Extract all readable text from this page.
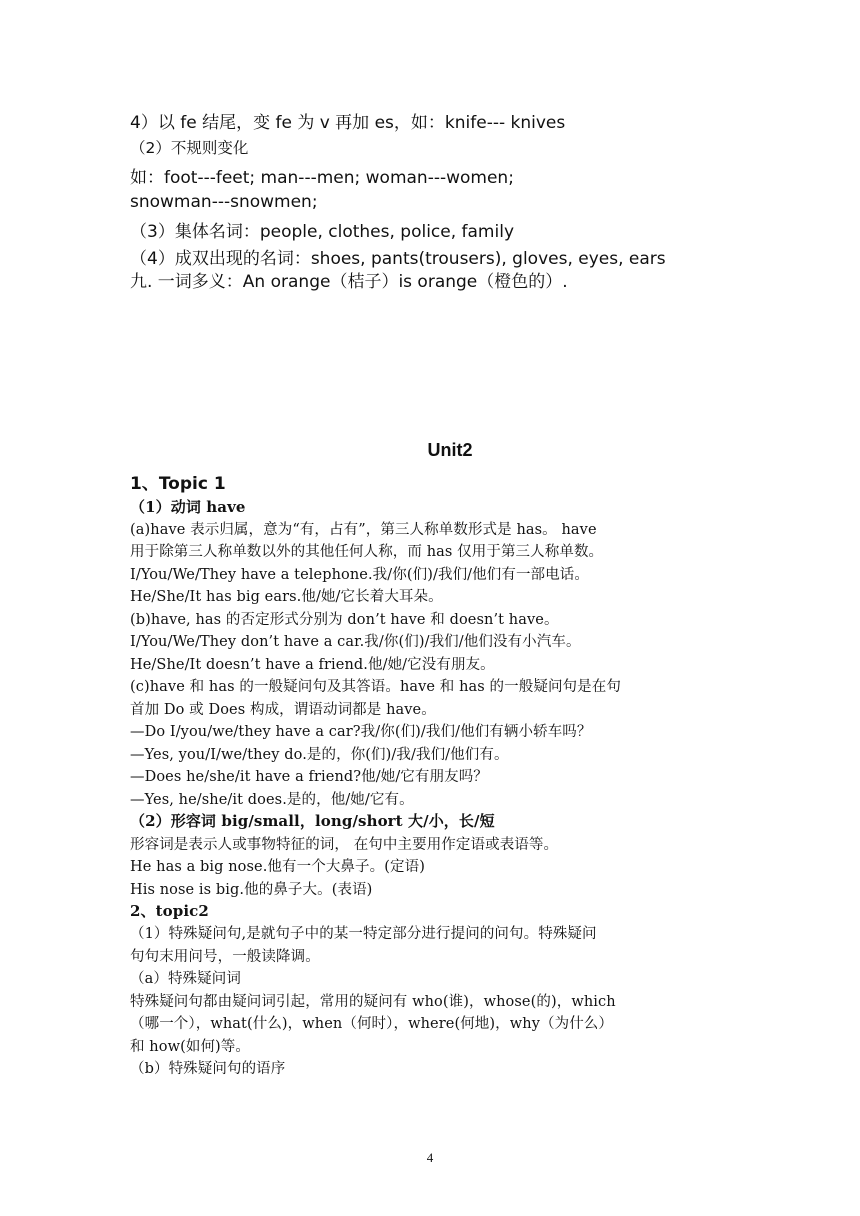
4）以 fe 结尾，变 fe 为 v 再加 es，如：knife--- knives
（2）不规则变化
如：foot---feet; man---men; woman---women;
snowman---snowmen;
（3）集体名词：people, clothes, police, family
（4）成双出现的名词：shoes, pants(trousers), gloves, eyes, ears
九. 一词多义：An orange（桔子）is orange（橙色的）.
Unit2
1、Topic 1
（1）动词 have
(a)have 表示归属，意为“有，占有”，第三人称单数形式是 has。 have
用于除第三人称单数以外的其他任何人称，而 has 仅用于第三人称单数。
I/You/We/They have a telephone.我/你(们)/我们/他们有一部电话。
He/She/It has big ears.他/她/它长着大耳朵。
(b)have, has 的否定形式分别为 don’t have 和 doesn’t have。
I/You/We/They don’t have a car.我/你(们)/我们/他们没有小汽车。
He/She/It doesn’t have a friend.他/她/它没有朋友。
(c)have 和 has 的一般疑问句及其答语。have 和 has 的一般疑问句是在句
首加 Do 或 Does 构成，谓语动词都是 have。
—Do I/you/we/they have a car?我/你(们)/我们/他们有辆小轿车吗？
—Yes, you/I/we/they do.是的，你(们)/我/我们/他们有。
—Does he/she/it have a friend?他/她/它有朋友吗？
—Yes, he/she/it does.是的，他/她/它有。
（2）形容词 big/small，long/short 大/小，长/短
形容词是表示人或事物特征的词， 在句中主要用作定语或表语等。
He has a big nose.他有一个大鼻子。(定语)
His nose is big.他的鼻子大。(表语)
2、topic2
（1）特殊疑问句,是就句子中的某一特定部分进行提问的问句。特殊疑问
句句末用问号，一般读降调。
（a）特殊疑问词
特殊疑问句都由疑问词引起，常用的疑问有 who(谁)，whose(的)，which
（哪一个），what(什么)，when（何时），where(何地)，why（为什么）
和 how(如何)等。
（b）特殊疑问句的语序
4
